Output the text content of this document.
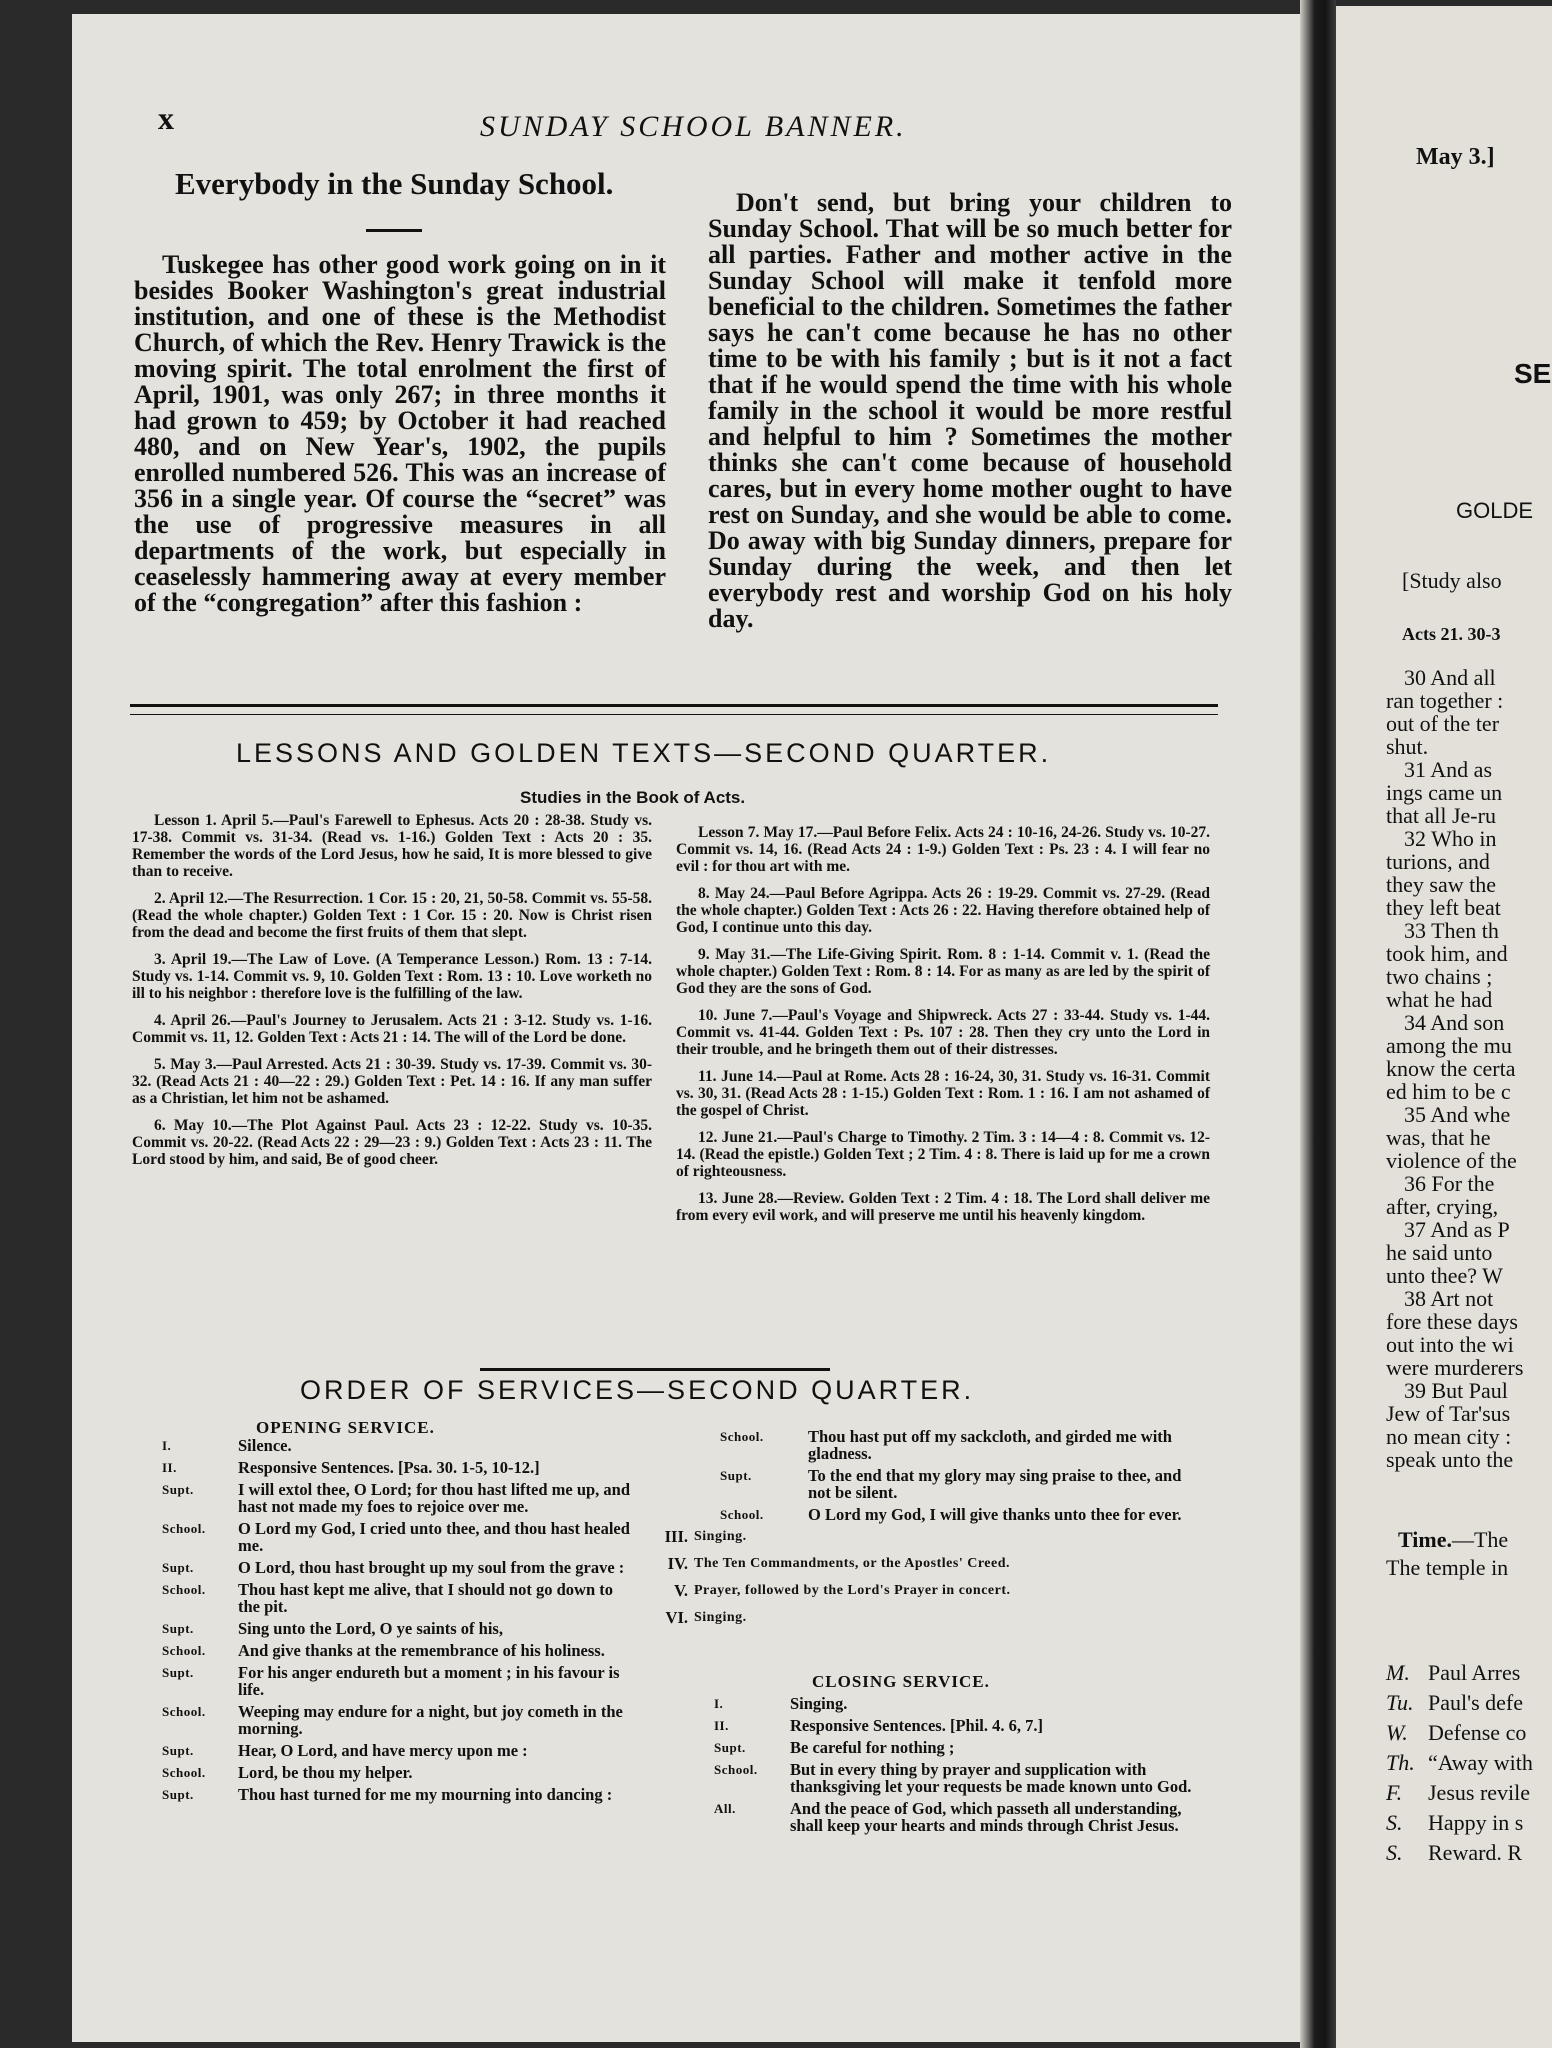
May 3.]
SE
GOLDE
[Study also
Acts 21. 30-3
30 And all
ran together :
out of the ter
shut.
31 And as
ings came un
that all Je-ru
32 Who in
turions, and
they saw the
they left beat
33 Then th
took him, and
two chains ;
what he had
34 And son
among the mu
know the certa
ed him to be c
35 And whe
was, that he
violence of the
36 For the
after, crying,
37 And as P
he said unto
unto thee? W
38 Art not
fore these days
out into the wi
were murderers
39 But Paul
Jew of Tar'sus
no mean city :
speak unto the
Time.—The
The temple in
M. Paul Arres
Tu. Paul's defe
W. Defense co
Th. “Away with
F. Jesus revile
S. Happy in s
S. Reward. R
x	SUNDAY SCHOOL BANNER.
Everybody in the Sunday School.
Tuskegee has other good work going on in it besides Booker Washington's great industrial institution, and one of these is the Methodist Church, of which the Rev. Henry Trawick is the moving spirit. The total enrolment the first of April, 1901, was only 267; in three months it had grown to 459; by October it had reached 480, and on New Year's, 1902, the pupils enrolled numbered 526. This was an increase of 356 in a single year. Of course the “secret” was the use of progressive measures in all departments of the work, but especially in ceaselessly hammering away at every member of the “congregation” after this fashion :
Don't send, but bring your children to Sunday School. That will be so much better for all parties. Father and mother active in the Sunday School will make it tenfold more beneficial to the children. Sometimes the father says he can't come because he has no other time to be with his family ; but is it not a fact that if he would spend the time with his whole family in the school it would be more restful and helpful to him ? Sometimes the mother thinks she can't come because of household cares, but in every home mother ought to have rest on Sunday, and she would be able to come. Do away with big Sunday dinners, prepare for Sunday during the week, and then let everybody rest and worship God on his holy day.
LESSONS AND GOLDEN TEXTS—SECOND QUARTER.
Studies in the Book of Acts.

Lesson 1. April 5.—Paul's Farewell to Ephesus. Acts 20 : 28-38. Study vs. 17-38. Commit vs. 31-34. (Read vs. 1-16.) Golden Text : Acts 20 : 35. Remember the words of the Lord Jesus, how he said, It is more blessed to give than to receive.

2. April 12.—The Resurrection. 1 Cor. 15 : 20, 21, 50-58. Commit vs. 55-58. (Read the whole chapter.) Golden Text : 1 Cor. 15 : 20. Now is Christ risen from the dead and become the first fruits of them that slept.

3. April 19.—The Law of Love. (A Temperance Lesson.) Rom. 13 : 7-14. Study vs. 1-14. Commit vs. 9, 10. Golden Text : Rom. 13 : 10. Love worketh no ill to his neighbor : therefore love is the fulfilling of the law.

4. April 26.—Paul's Journey to Jerusalem. Acts 21 : 3-12. Study vs. 1-16. Commit vs. 11, 12. Golden Text : Acts 21 : 14. The will of the Lord be done.

5. May 3.—Paul Arrested. Acts 21 : 30-39. Study vs. 17-39. Commit vs. 30-32. (Read Acts 21 : 40—22 : 29.) Golden Text : Pet. 14 : 16. If any man suffer as a Christian, let him not be ashamed.

6. May 10.—The Plot Against Paul. Acts 23 : 12-22. Study vs. 10-35. Commit vs. 20-22. (Read Acts 22 : 29—23 : 9.) Golden Text : Acts 23 : 11. The Lord stood by him, and said, Be of good cheer.

Lesson 7. May 17.—Paul Before Felix. Acts 24 : 10-16, 24-26. Study vs. 10-27. Commit vs. 14, 16. (Read Acts 24 : 1-9.) Golden Text : Ps. 23 : 4. I will fear no evil : for thou art with me.

8. May 24.—Paul Before Agrippa. Acts 26 : 19-29. Commit vs. 27-29. (Read the whole chapter.) Golden Text : Acts 26 : 22. Having therefore obtained help of God, I continue unto this day.

9. May 31.—The Life-Giving Spirit. Rom. 8 : 1-14. Commit v. 1. (Read the whole chapter.) Golden Text : Rom. 8 : 14. For as many as are led by the spirit of God they are the sons of God.

10. June 7.—Paul's Voyage and Shipwreck. Acts 27 : 33-44. Study vs. 1-44. Commit vs. 41-44. Golden Text : Ps. 107 : 28. Then they cry unto the Lord in their trouble, and he bringeth them out of their distresses.

11. June 14.—Paul at Rome. Acts 28 : 16-24, 30, 31. Study vs. 16-31. Commit vs. 30, 31. (Read Acts 28 : 1-15.) Golden Text : Rom. 1 : 16. I am not ashamed of the gospel of Christ.

12. June 21.—Paul's Charge to Timothy. 2 Tim. 3 : 14—4 : 8. Commit vs. 12-14. (Read the epistle.) Golden Text ; 2 Tim. 4 : 8. There is laid up for me a crown of righteousness.

13. June 28.—Review. Golden Text : 2 Tim. 4 : 18. The Lord shall deliver me from every evil work, and will preserve me until his heavenly kingdom.

ORDER OF SERVICES—SECOND QUARTER.
OPENING SERVICE.
I.	Silence.
II.	Responsive Sentences. [Psa. 30. 1-5, 10-12.]
Supt.	I will extol thee, O Lord; for thou hast lifted me up, and hast not made my foes to rejoice over me.
School.	O Lord my God, I cried unto thee, and thou hast healed me.
Supt.	O Lord, thou hast brought up my soul from the grave :
School.	Thou hast kept me alive, that I should not go down to the pit.
Supt.	Sing unto the Lord, O ye saints of his,
School.	And give thanks at the remembrance of his holiness.
Supt.	For his anger endureth but a moment ; in his favour is life.
School.	Weeping may endure for a night, but joy cometh in the morning.
Supt.	Hear, O Lord, and have mercy upon me :
School.	Lord, be thou my helper.
Supt.	Thou hast turned for me my mourning into dancing :
School.	Thou hast put off my sackcloth, and girded me with gladness.
Supt.	To the end that my glory may sing praise to thee, and not be silent.
School.	O Lord my God, I will give thanks unto thee for ever.
III. Singing.
IV. The Ten Commandments, or the Apostles' Creed.
V. Prayer, followed by the Lord's Prayer in concert.
VI. Singing.
CLOSING SERVICE.
I.	Singing.
II.	Responsive Sentences. [Phil. 4. 6, 7.]
Supt.	Be careful for nothing ;
School.	But in every thing by prayer and supplication with thanksgiving let your requests be made known unto God.
All.	And the peace of God, which passeth all understanding, shall keep your hearts and minds through Christ Jesus.
